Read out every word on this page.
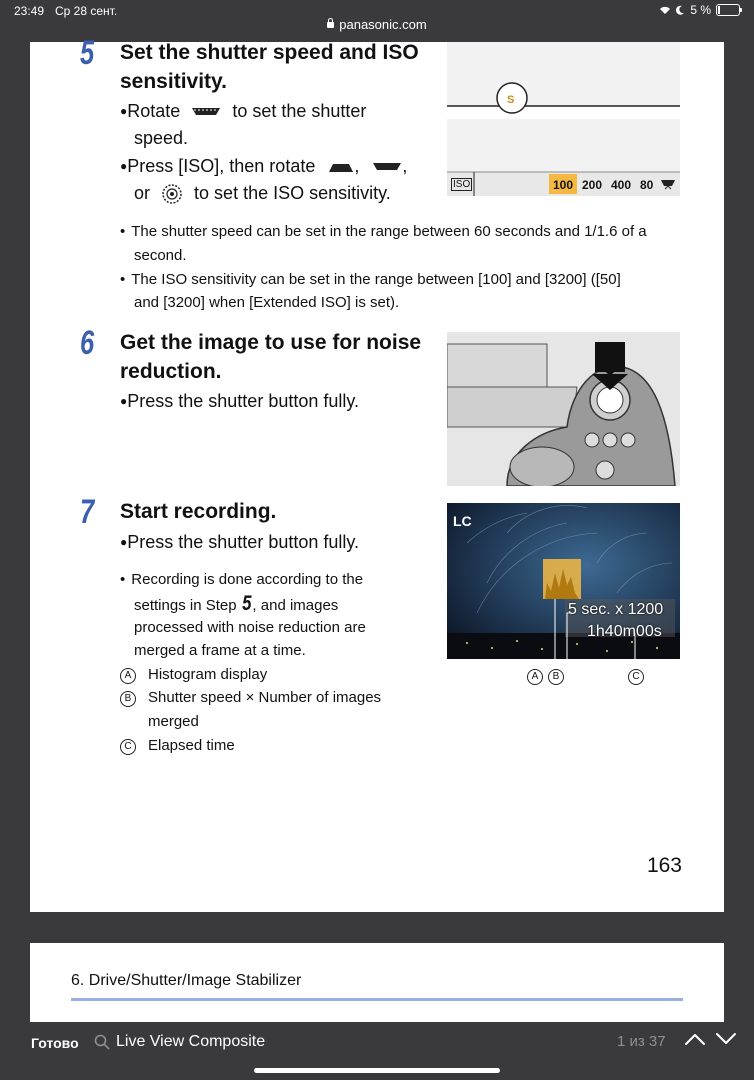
23:49 Ср 28 сент.	5 %
panasonic.com
5 Set the shutter speed and ISO sensitivity.
●Rotate	to set the shutter
speed.
●Press [ISO], then rotate , ,
or to set the ISO sensitivity.
S
ISO	100 200 400 80
• The shutter speed can be set in the range between 60 seconds and 1/1.6 of a
second.
• The ISO sensitivity can be set in the range between [100] and [3200] ([50]
and [3200] when [Extended ISO] is set).
6 Get the image to use for noise reduction.
●Press the shutter button fully.
7 Start recording.
●Press the shutter button fully.
• Recording is done according to the
settings in Step 5, and images
processed with noise reduction are
merged a frame at a time.
A Histogram display
B Shutter speed × Number of images
merged
C Elapsed time
LC
5 sec. x 1200
1h40m00s
A	B	C
163
6. Drive/Shutter/Image Stabilizer
Готово Live View Composite	1 из 37
